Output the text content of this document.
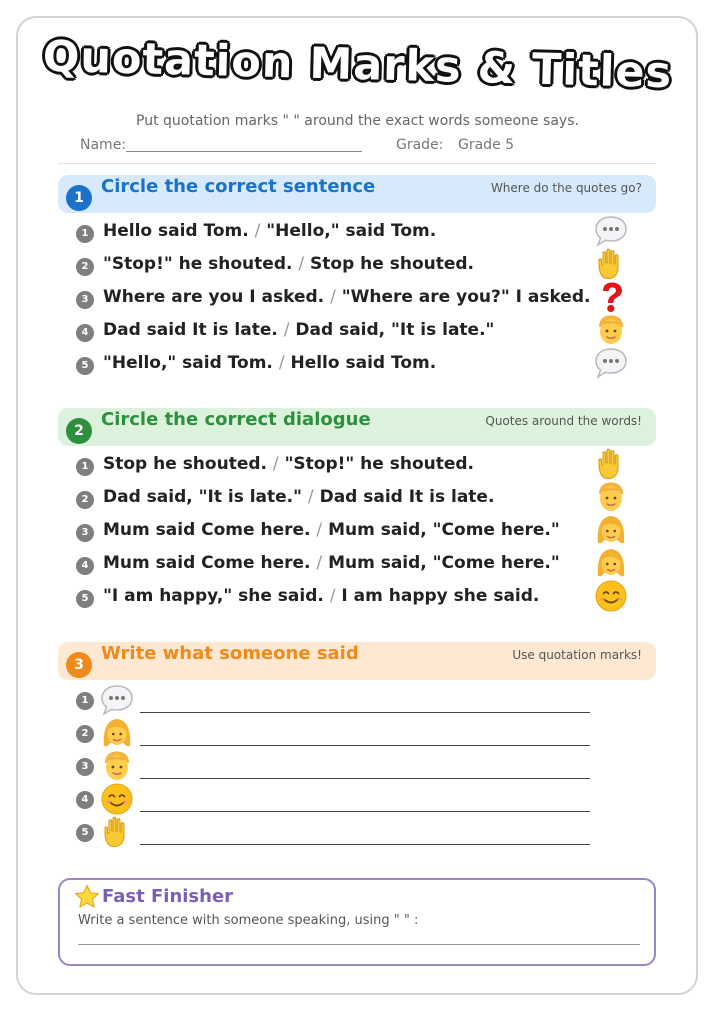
Quotation Marks & Titles
Put quotation marks " " around the exact words someone says.
Name:	Grade: Grade 5
1
Circle the correct sentence	Where do the quotes go?
1 Hello said Tom. / "Hello," said Tom.
2 "Stop!" he shouted. / Stop he shouted.
3 Where are you I asked. / "Where are you?" I asked.
4 Dad said It is late. / Dad said, "It is late."
5 "Hello," said Tom. / Hello said Tom.
2
Circle the correct dialogue	Quotes around the words!
1 Stop he shouted. / "Stop!" he shouted.
2 Dad said, "It is late." / Dad said It is late.
3 Mum said Come here. / Mum said, "Come here."
4 Mum said Come here. / Mum said, "Come here."
5 "I am happy," she said. / I am happy she said.
3
Write what someone said	Use quotation marks!
1
2
3
4
5
Fast Finisher
Write a sentence with someone speaking, using " " :
